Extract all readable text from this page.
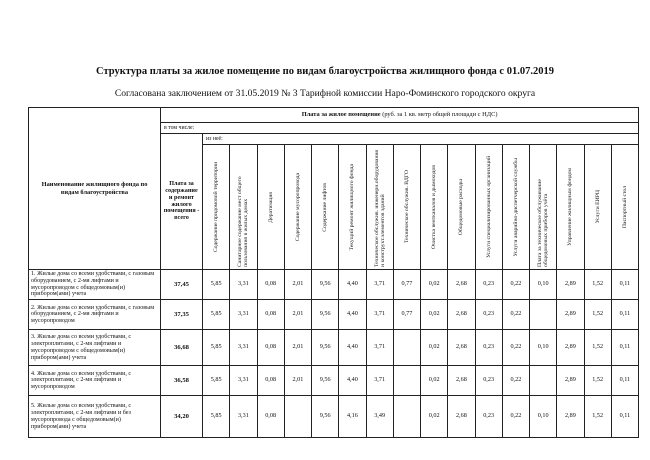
Структура платы за жилое помещение по видам благоустройства жилищного фонда с 01.07.2019
Согласована заключением от 31.05.2019 № 3 Тарифной комиссии Наро-Фоминского городского округа
Наименование жилищного фонда по видам благоустройства	Плата за жилое помещение (руб. за 1 кв. метр общей площади с НДС)																
	в том числе:																
	Плата за содержание и ремонт жилого помещения - всего	из неё:															

		Содержание придомовой территории	Санитарное содержание мест общего пользования в жилых домах	Дератизация	Содержание мусоропровода	Содержание лифтов	Текущий ремонт жилищного фонда	Техническое обслужив. инженерн.оборудования и конструкт.элементов зданий	Техническое обслужив. ВДГО	Очистка вентканалов и дымоходов	Общедомовые расходы	Услуги специализированных организаций	Услуги аварийно-диспетчерской службы	Плата за техническое обслуживание общедомовых приборов учёта	Управление жилищным фондом	Услуги ЕИРЦ	Паспортный стол

1. Жилые дома со всеми удобствами, с газовым оборудованием, с 2-мя лифтами и мусоропроводом с общедомовым(и) прибором(ами) учета	37,45	5,85	3,31	0,08	2,01	9,56	4,40	3,71	0,77	0,02	2,68	0,23	0,22	0,10	2,89	1,52	0,11
2. Жилые дома со всеми удобствами, с газовым оборудованием, с 2-мя лифтами и мусоропроводом	37,35	5,85	3,31	0,08	2,01	9,56	4,40	3,71	0,77	0,02	2,68	0,23	0,22		2,89	1,52	0,11
3. Жилые дома со всеми удобствами, с электроплитами, с 2-мя лифтами и мусоропроводом с общедомовым(и) прибором(ами) учета	36,68	5,85	3,31	0,08	2,01	9,56	4,40	3,71		0,02	2,68	0,23	0,22	0,10	2,89	1,52	0,11
4. Жилые дома со всеми удобствами, с электроплитами, с 2-мя лифтами и мусоропроводом	36,58	5,85	3,31	0,08	2,01	9,56	4,40	3,71		0,02	2,68	0,23	0,22		2,89	1,52	0,11
5. Жилые дома со всеми удобствами, с электроплитами, с 2-мя лифтами и без мусоропровода с общедомовым(и) прибором(ами) учета	34,20	5,85	3,31	0,08		9,56	4,16	3,49		0,02	2,68	0,23	0,22	0,10	2,89	1,52	0,11
